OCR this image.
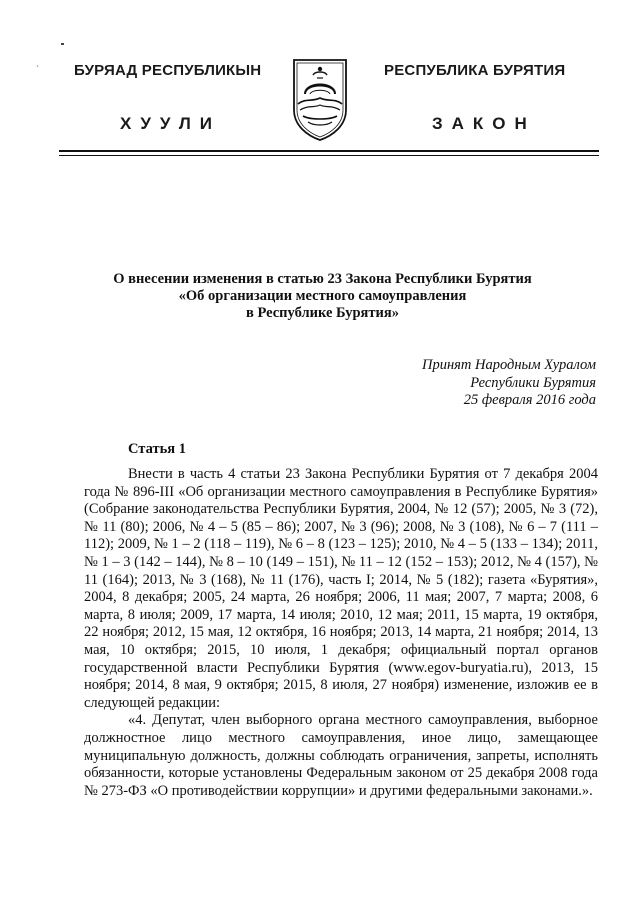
` БУРЯАД РЕСПУБЛИКЫН
ХУУЛИ
РЕСПУБЛИКА БУРЯТИЯ
ЗАКОН
О внесении изменения в статью 23 Закона Республики Бурятия
«Об организации местного самоуправления
в Республике Бурятия»
Принят Народным Хуралом
Республики Бурятия
25 февраля 2016 года
Статья 1

Внести в часть 4 статьи 23 Закона Республики Бурятия от 7 декабря 2004 года № 896-III «Об организации местного самоуправления в Республике Бурятия» (Собрание законодательства Республики Бурятия, 2004, № 12 (57); 2005, № 3 (72), № 11 (80); 2006, № 4 – 5 (85 – 86); 2007, № 3 (96); 2008, № 3 (108), № 6 – 7 (111 – 112); 2009, № 1 – 2 (118 – 119), № 6 – 8 (123 – 125); 2010, № 4 – 5 (133 – 134); 2011, № 1 – 3 (142 – 144), № 8 – 10 (149 – 151), № 11 – 12 (152 – 153); 2012, № 4 (157), № 11 (164); 2013, № 3 (168), № 11 (176), часть I; 2014, № 5 (182); газета «Бурятия», 2004, 8 декабря; 2005, 24 марта, 26 ноября; 2006, 11 мая; 2007, 7 марта; 2008, 6 марта, 8 июля; 2009, 17 марта, 14 июля; 2010, 12 мая; 2011, 15 марта, 19 октября, 22 ноября; 2012, 15 мая, 12 октября, 16 ноября; 2013, 14 марта, 21 ноября; 2014, 13 мая, 10 октября; 2015, 10 июля, 1 декабря; официальный портал органов государственной власти Республики Бурятия (www.egov-buryatia.ru), 2013, 15 ноября; 2014, 8 мая, 9 октября; 2015, 8 июля, 27 ноября) изменение, изложив ее в следующей редакции:

«4. Депутат, член выборного органа местного самоуправления, выборное должностное лицо местного самоуправления, иное лицо, замещающее муниципальную должность, должны соблюдать ограничения, запреты, исполнять обязанности, которые установлены Федеральным законом от 25 декабря 2008 года № 273-ФЗ «О противодействии коррупции» и другими федеральными законами.».
